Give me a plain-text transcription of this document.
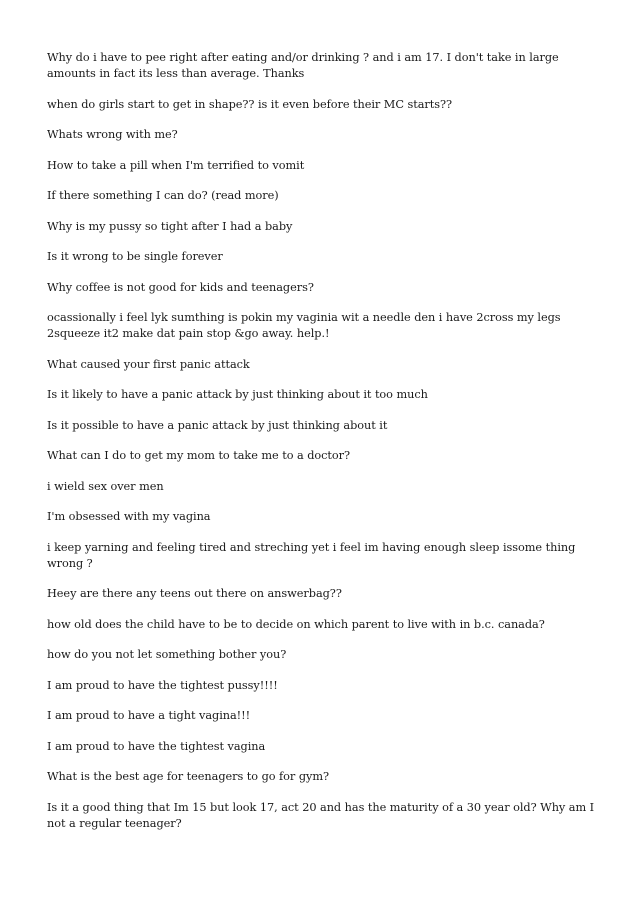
Why do i have to pee right after eating and/or drinking ? and i am 17. I don't take in large amounts in fact its less than average. Thanks

when do girls start to get in shape?? is it even before their MC starts??

Whats wrong with me?

How to take a pill when I'm terrified to vomit

If there something I can do? (read more)

Why is my pussy so tight after I had a baby

Is it wrong to be single forever

Why coffee is not good for kids and teenagers?

ocassionally i feel lyk sumthing is pokin my vaginia wit a needle den i have 2cross my legs 2squeeze it2 make dat pain stop &go away. help.!

What caused your first panic attack

Is it likely to have a panic attack by just thinking about it too much

Is it possible to have a panic attack by just thinking about it

What can I do to get my mom to take me to a doctor?

i wield sex over men

I'm obsessed with my vagina

i keep yarning and feeling tired and streching yet i feel im having enough sleep issome thing wrong ?

Heey are there any teens out there on answerbag??

how old does the child have to be to decide on which parent to live with in b.c. canada?

how do you not let something bother you?

I am proud to have the tightest pussy!!!!

I am proud to have a tight vagina!!!

I am proud to have the tightest vagina

What is the best age for teenagers to go for gym?

Is it a good thing that Im 15 but look 17, act 20 and has the maturity of a 30 year old? Why am I not a regular teenager?
